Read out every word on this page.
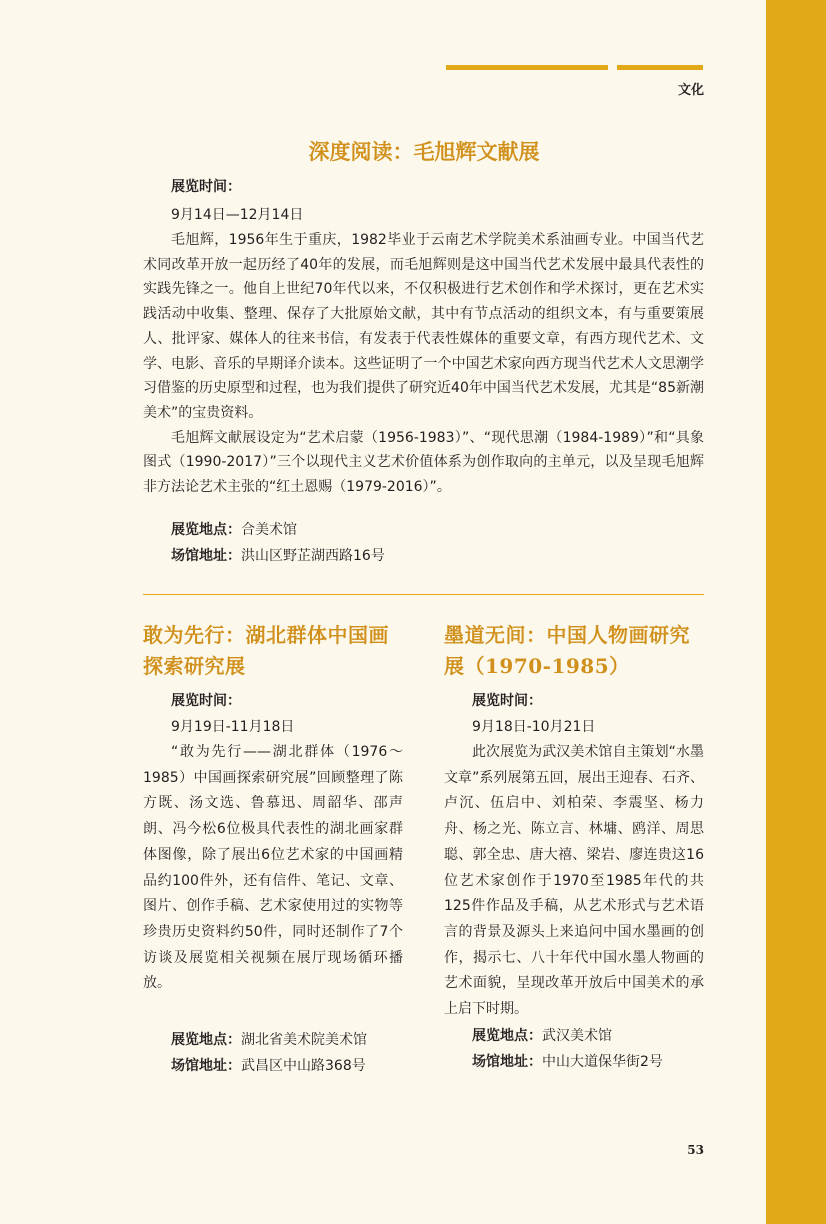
文化
深度阅读：毛旭辉文献展
展览时间：
9月14日—12月14日

毛旭辉，1956年生于重庆，1982毕业于云南艺术学院美术系油画专业。中国当代艺术同改革开放一起历经了40年的发展，而毛旭辉则是这中国当代艺术发展中最具代表性的实践先锋之一。他自上世纪70年代以来，不仅积极进行艺术创作和学术探讨，更在艺术实践活动中收集、整理、保存了大批原始文献，其中有节点活动的组织文本，有与重要策展人、批评家、媒体人的往来书信，有发表于代表性媒体的重要文章，有西方现代艺术、文学、电影、音乐的早期译介读本。这些证明了一个中国艺术家向西方现当代艺术人文思潮学习借鉴的历史原型和过程，也为我们提供了研究近40年中国当代艺术发展，尤其是“85新潮美术”的宝贵资料。

毛旭辉文献展设定为“艺术启蒙（1956-1983）”、“现代思潮（1984-1989）”和“具象图式（1990-2017）”三个以现代主义艺术价值体系为创作取向的主单元，以及呈现毛旭辉非方法论艺术主张的“红土恩赐（1979-2016）”。

展览地点：合美术馆
场馆地址：洪山区野芷湖西路16号
敢为先行：湖北群体中国画探索研究展
展览时间：
9月19日-11月18日

“敢为先行——湖北群体（1976～1985）中国画探索研究展”回顾整理了陈方既、汤文选、鲁慕迅、周韶华、邵声朗、冯今松6位极具代表性的湖北画家群体图像，除了展出6位艺术家的中国画精品约100件外，还有信件、笔记、文章、图片、创作手稿、艺术家使用过的实物等珍贵历史资料约50件，同时还制作了7个访谈及展览相关视频在展厅现场循环播放。

展览地点：湖北省美术院美术馆
场馆地址：武昌区中山路368号
墨道无间：中国人物画研究展（1970-1985）
展览时间：
9月18日-10月21日

此次展览为武汉美术馆自主策划“水墨文章”系列展第五回，展出王迎春、石齐、卢沉、伍启中、刘柏荣、李震坚、杨力舟、杨之光、陈立言、林墉、鸥洋、周思聪、郭全忠、唐大禧、梁岩、廖连贵这16位艺术家创作于1970至1985年代的共125件作品及手稿，从艺术形式与艺术语言的背景及源头上来追问中国水墨画的创作，揭示七、八十年代中国水墨人物画的艺术面貌，呈现改革开放后中国美术的承上启下时期。

展览地点：武汉美术馆
场馆地址：中山大道保华街2号
53
